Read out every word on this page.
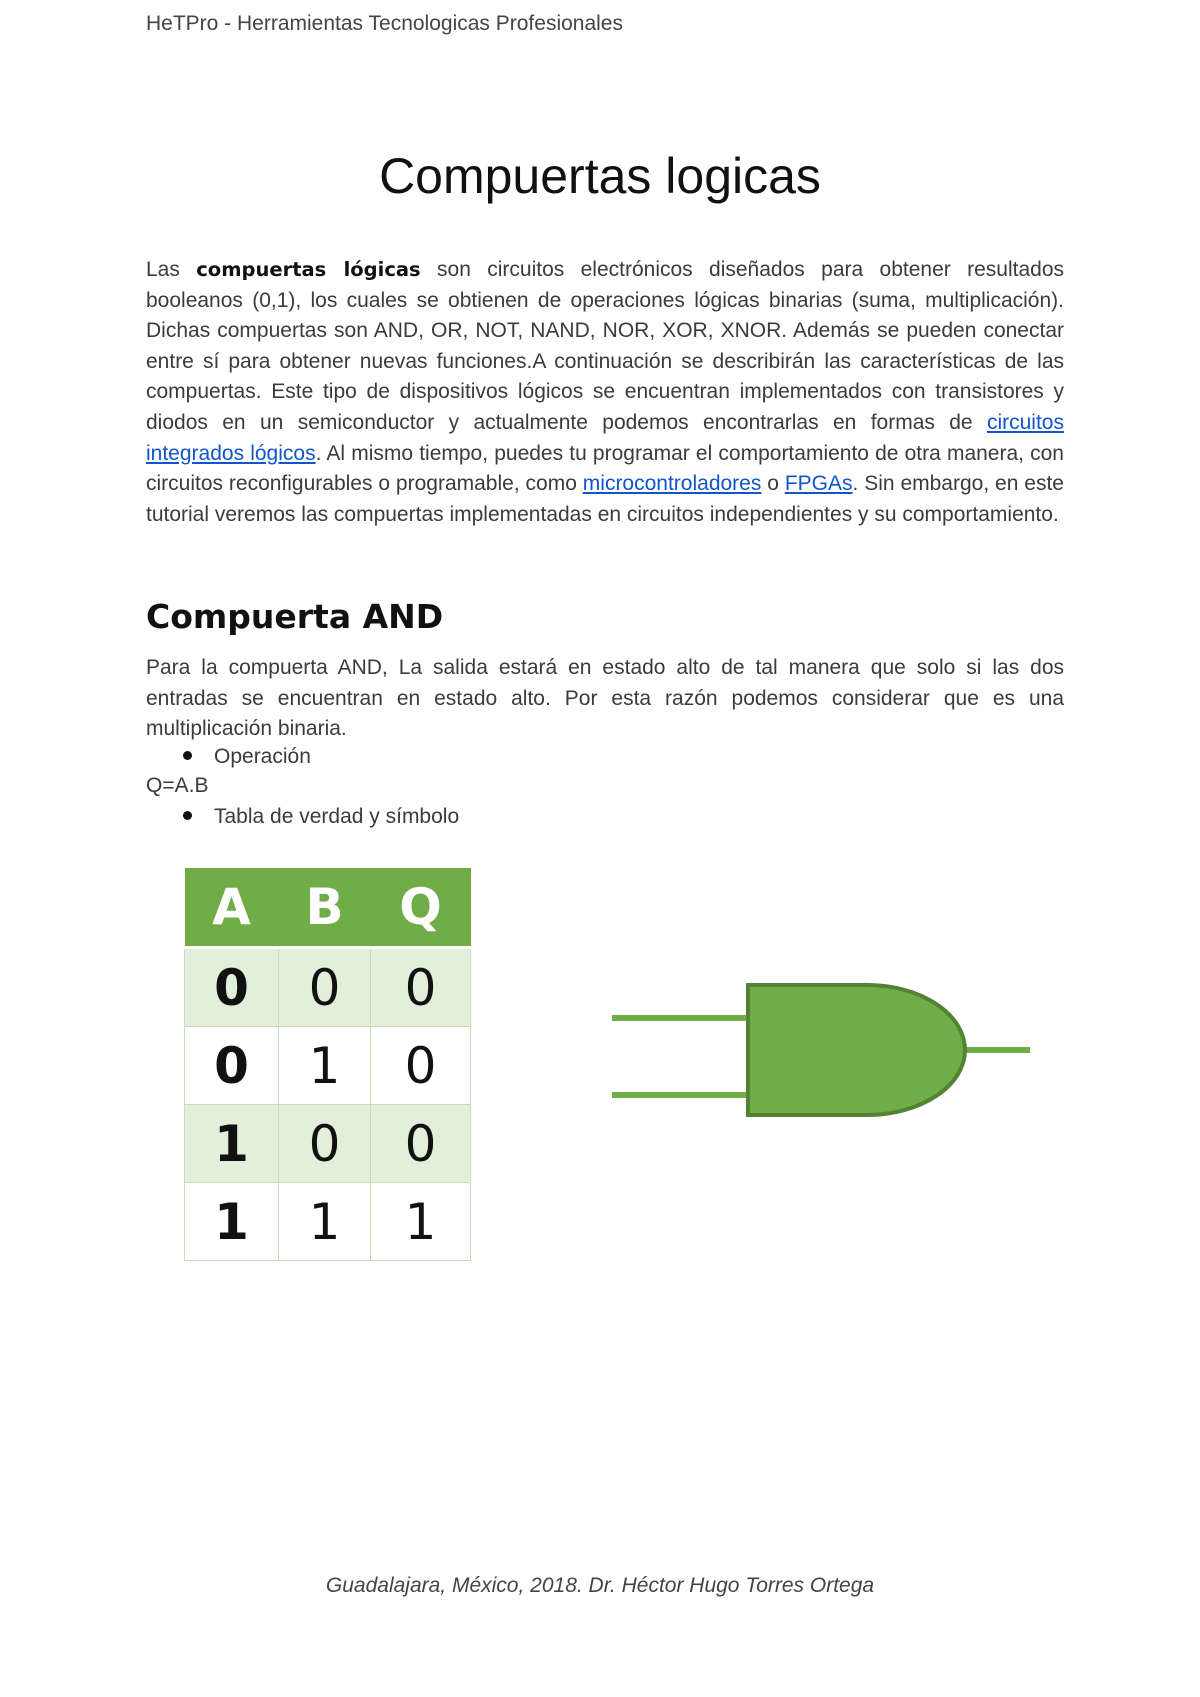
HeTPro - Herramientas Tecnologicas Profesionales
Compuertas logicas
Las compuertas lógicas son circuitos electrónicos diseñados para obtener resultados booleanos (0,1), los cuales se obtienen de operaciones lógicas binarias (suma, multiplicación). Dichas compuertas son AND, OR, NOT, NAND, NOR, XOR, XNOR. Además se pueden conectar entre sí para obtener nuevas funciones.A continuación se describirán las características de las compuertas. Este tipo de dispositivos lógicos se encuentran implementados con transistores y diodos en un semiconductor y actualmente podemos encontrarlas en formas de circuitos integrados lógicos. Al mismo tiempo, puedes tu programar el comportamiento de otra manera, con circuitos reconfigurables o programable, como microcontroladores o FPGAs. Sin embargo, en este tutorial veremos las compuertas implementadas en circuitos independientes y su comportamiento.
Compuerta AND
Para la compuerta AND, La salida estará en estado alto de tal manera que solo si las dos entradas se encuentran en estado alto. Por esta razón podemos considerar que es una multiplicación binaria.
Operación
Q=A.B
Tabla de verdad y símbolo
A	B	Q
0	0	0
0	1	0
1	0	0
1	1	1
Guadalajara, México, 2018. Dr. Héctor Hugo Torres Ortega
